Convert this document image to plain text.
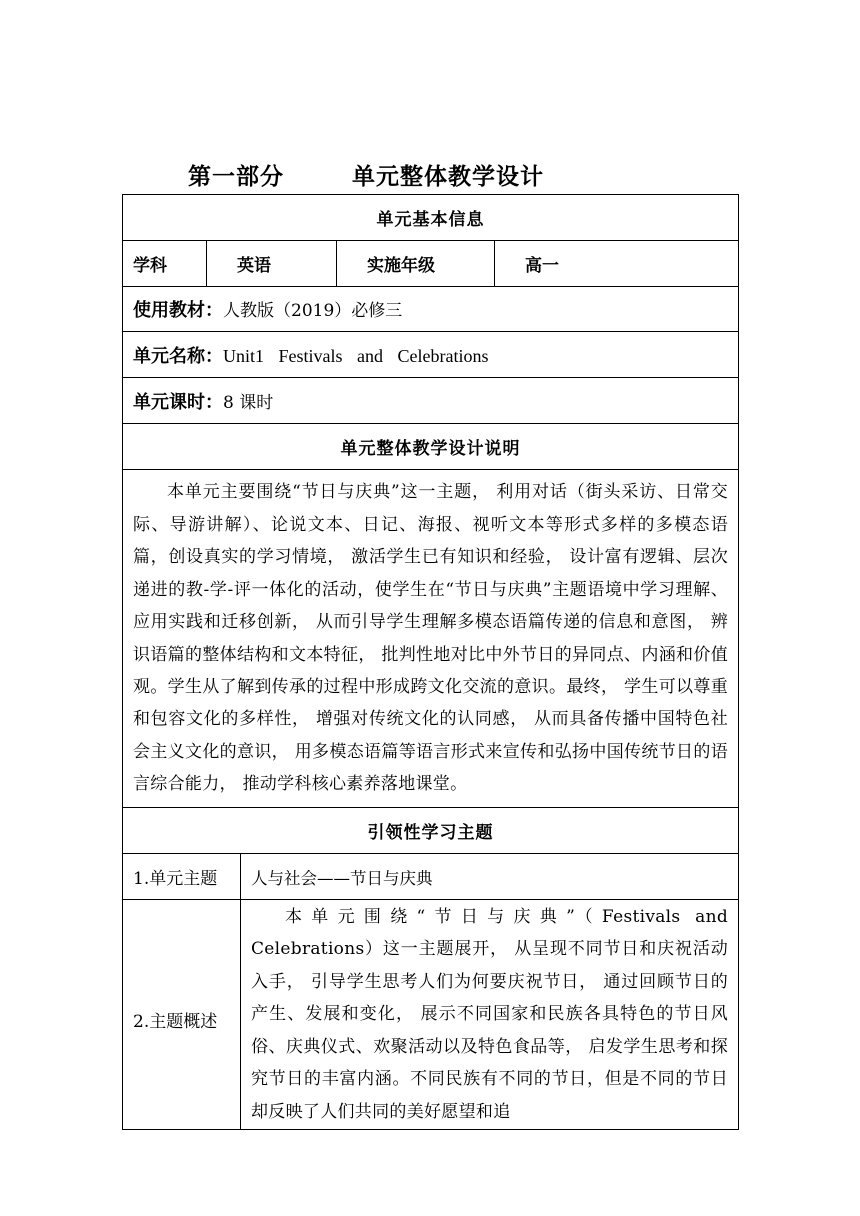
第一部分	单元整体教学设计
单元基本信息				
学科	英语		实施年级	高一
使用教材：人教版（2019）必修三				
单元名称：Unit1 Festivals and Celebrations				
单元课时：8 课时				
单元整体教学设计说明				

本单元主要围绕“节日与庆典”这一主题， 利用对话（街头采访、日常交际、导游讲解）、论说文本、日记、海报、视听文本等形式多样的多模态语篇，创设真实的学习情境， 激活学生已有知识和经验， 设计富有逻辑、层次递进的教-学-评一体化的活动，使学生在“节日与庆典”主题语境中学习理解、应用实践和迁移创新， 从而引导学生理解多模态语篇传递的信息和意图， 辨识语篇的整体结构和文本特征， 批判性地对比中外节日的异同点、内涵和价值观。学生从了解到传承的过程中形成跨文化交流的意识。最终， 学生可以尊重和包容文化的多样性， 增强对传统文化的认同感， 从而具备传播中国特色社会主义文化的意识， 用多模态语篇等语言形式来宣传和弘扬中国传统节日的语言综合能力， 推动学科核心素养落地课堂。				

引领性学习主题				
1.单元主题		人与社会——节日与庆典		
2.主题概述		本单元围绕“节日与庆典”（Festivals and Celebrations）这一主题展开， 从呈现不同节日和庆祝活动入手， 引导学生思考人们为何要庆祝节日， 通过回顾节日的产生、发展和变化， 展示不同国家和民族各具特色的节日风俗、庆典仪式、欢聚活动以及特色食品等， 启发学生思考和探究节日的丰富内涵。不同民族有不同的节日，但是不同的节日却反映了人们共同的美好愿望和追		
